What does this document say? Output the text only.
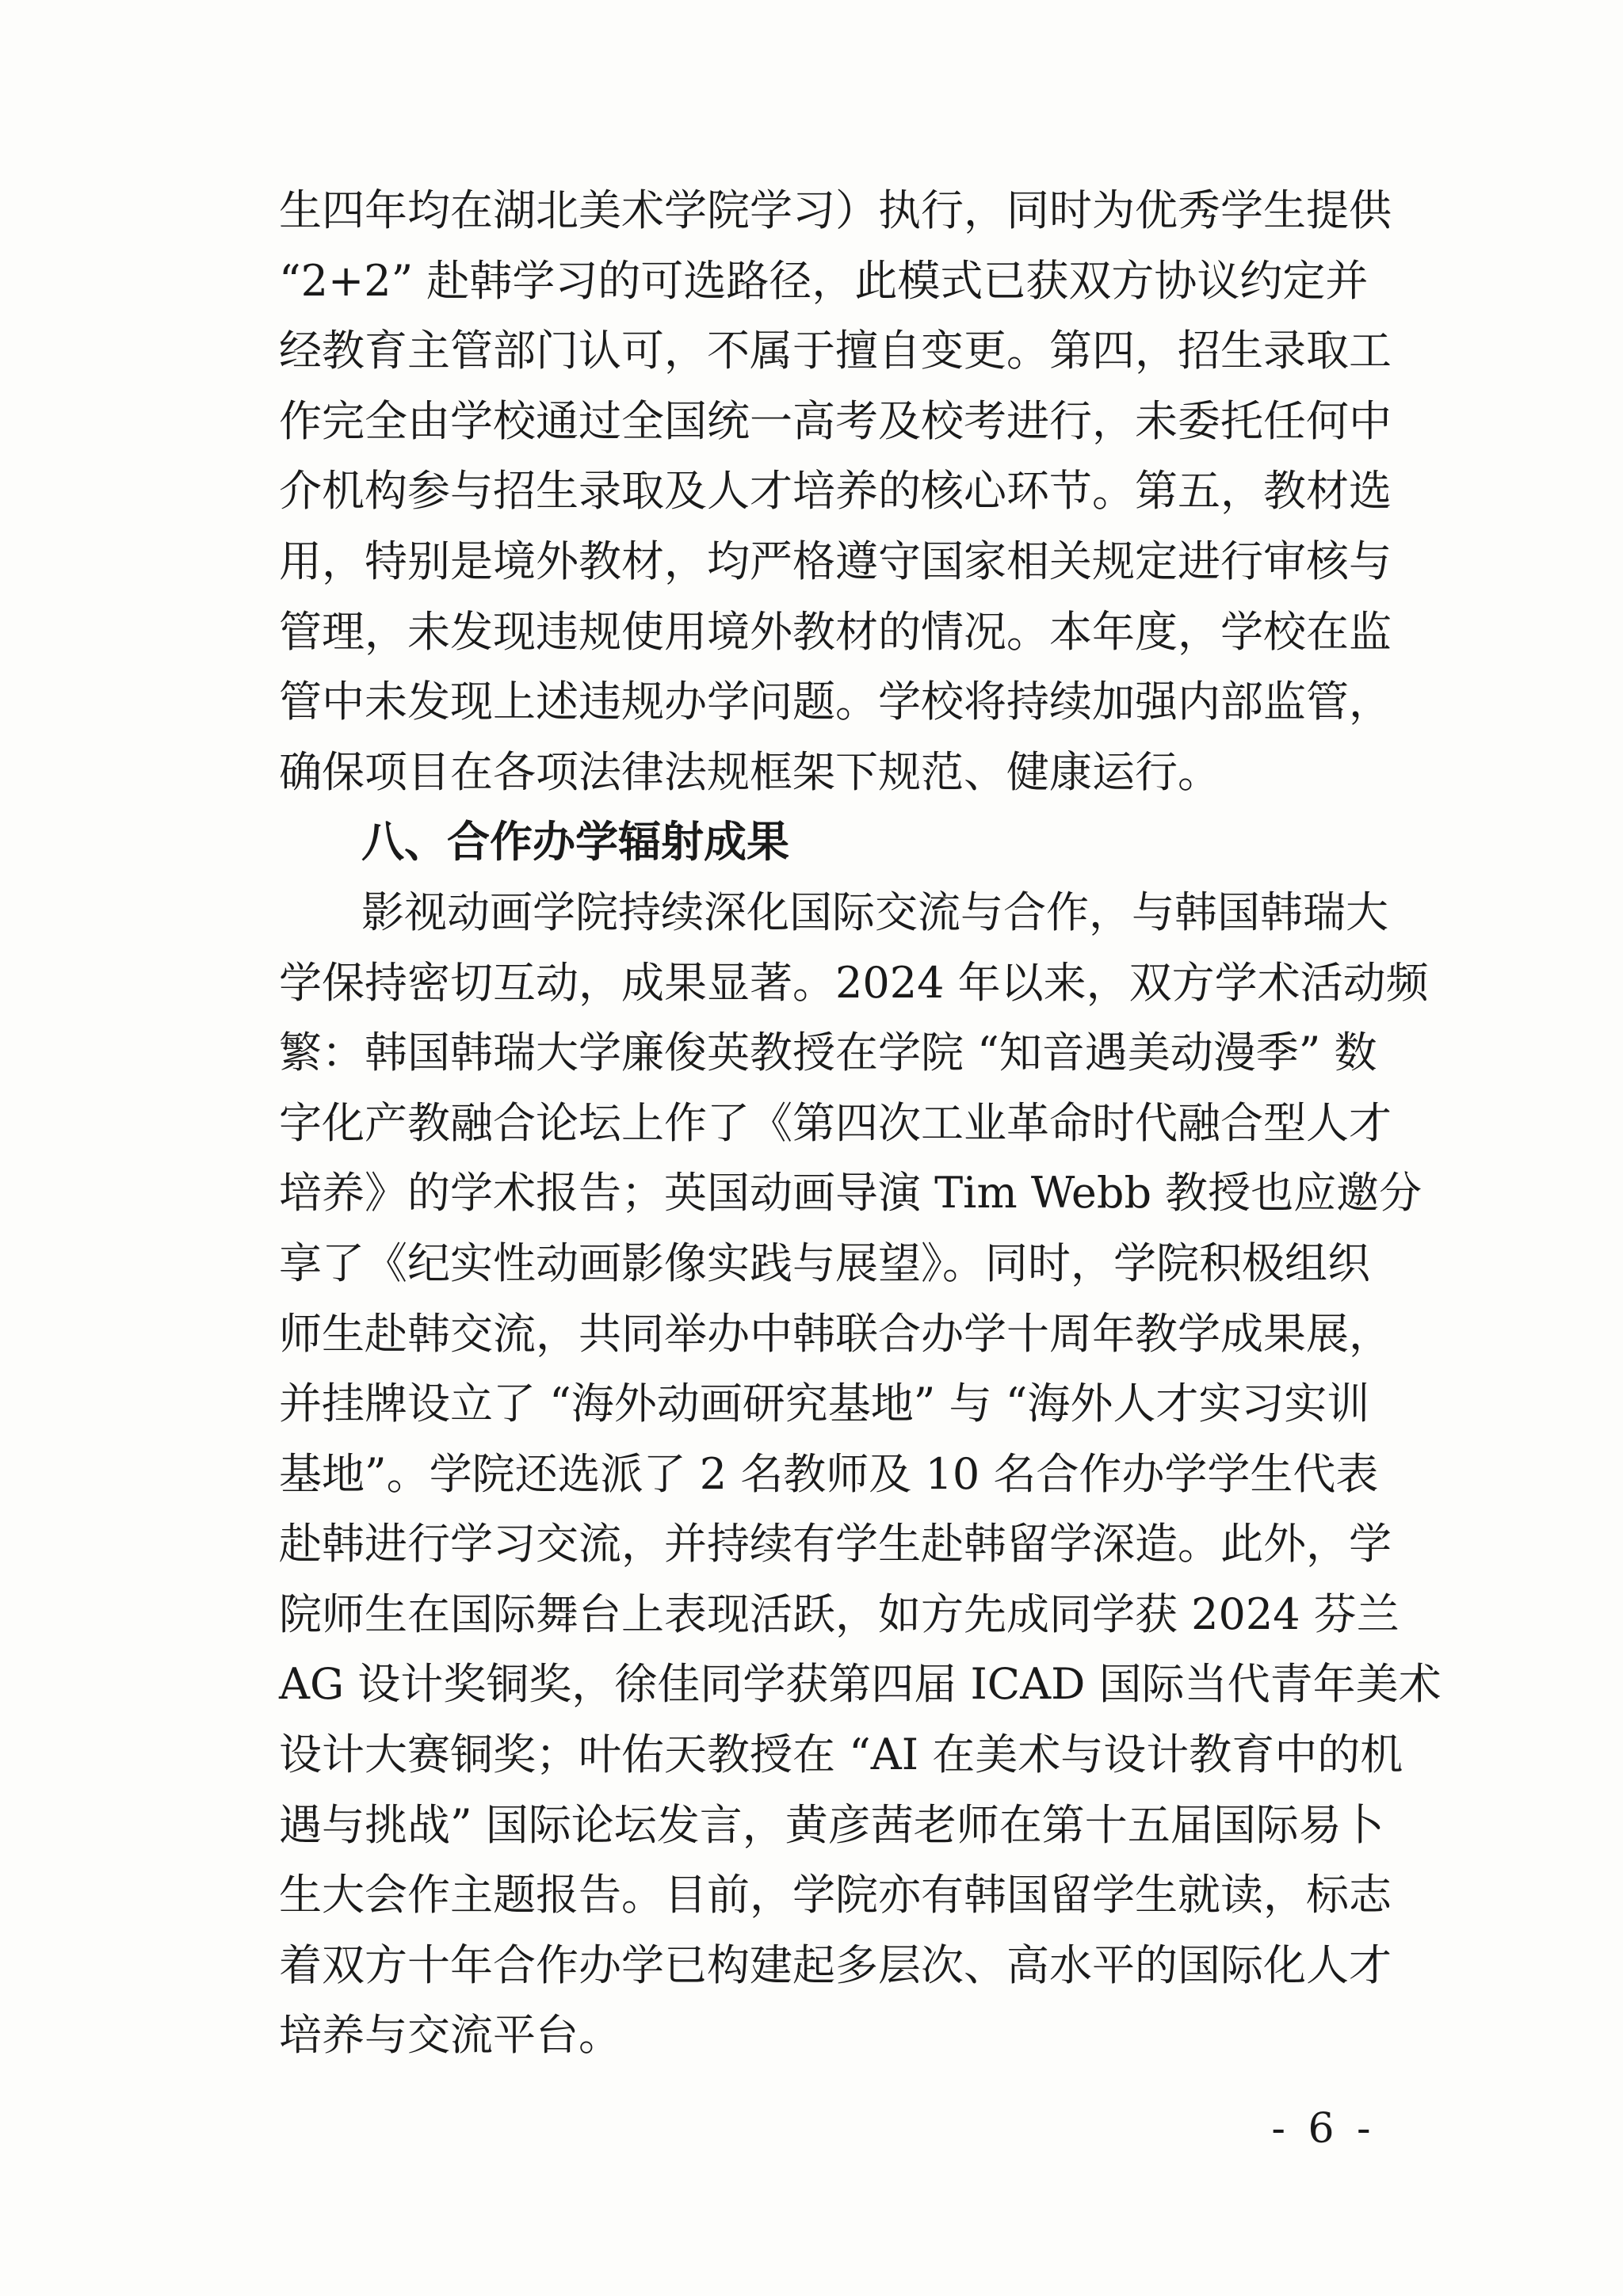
生四年均在湖北美术学院学习）执行，同时为优秀学生提供
“2+2” 赴韩学习的可选路径，此模式已获双方协议约定并
经教育主管部门认可，不属于擅自变更。第四，招生录取工
作完全由学校通过全国统一高考及校考进行，未委托任何中
介机构参与招生录取及人才培养的核心环节。第五，教材选
用，特别是境外教材，均严格遵守国家相关规定进行审核与
管理，未发现违规使用境外教材的情况。本年度，学校在监
管中未发现上述违规办学问题。学校将持续加强内部监管，
确保项目在各项法律法规框架下规范、健康运行。
八、合作办学辐射成果
影视动画学院持续深化国际交流与合作，与韩国韩瑞大
学保持密切互动，成果显著。2024 年以来，双方学术活动频
繁：韩国韩瑞大学廉俊英教授在学院 “知音遇美动漫季” 数
字化产教融合论坛上作了《第四次工业革命时代融合型人才
培养》的学术报告；英国动画导演 Tim Webb 教授也应邀分
享了《纪实性动画影像实践与展望》。同时，学院积极组织
师生赴韩交流，共同举办中韩联合办学十周年教学成果展，
并挂牌设立了 “海外动画研究基地” 与 “海外人才实习实训
基地”。学院还选派了 2 名教师及 10 名合作办学学生代表
赴韩进行学习交流，并持续有学生赴韩留学深造。此外，学
院师生在国际舞台上表现活跃，如方先成同学获 2024 芬兰
AG 设计奖铜奖，徐佳同学获第四届 ICAD 国际当代青年美术
设计大赛铜奖；叶佑天教授在 “AI 在美术与设计教育中的机
遇与挑战” 国际论坛发言，黄彦茜老师在第十五届国际易卜
生大会作主题报告。目前，学院亦有韩国留学生就读，标志
着双方十年合作办学已构建起多层次、高水平的国际化人才
培养与交流平台。
- 6 -
